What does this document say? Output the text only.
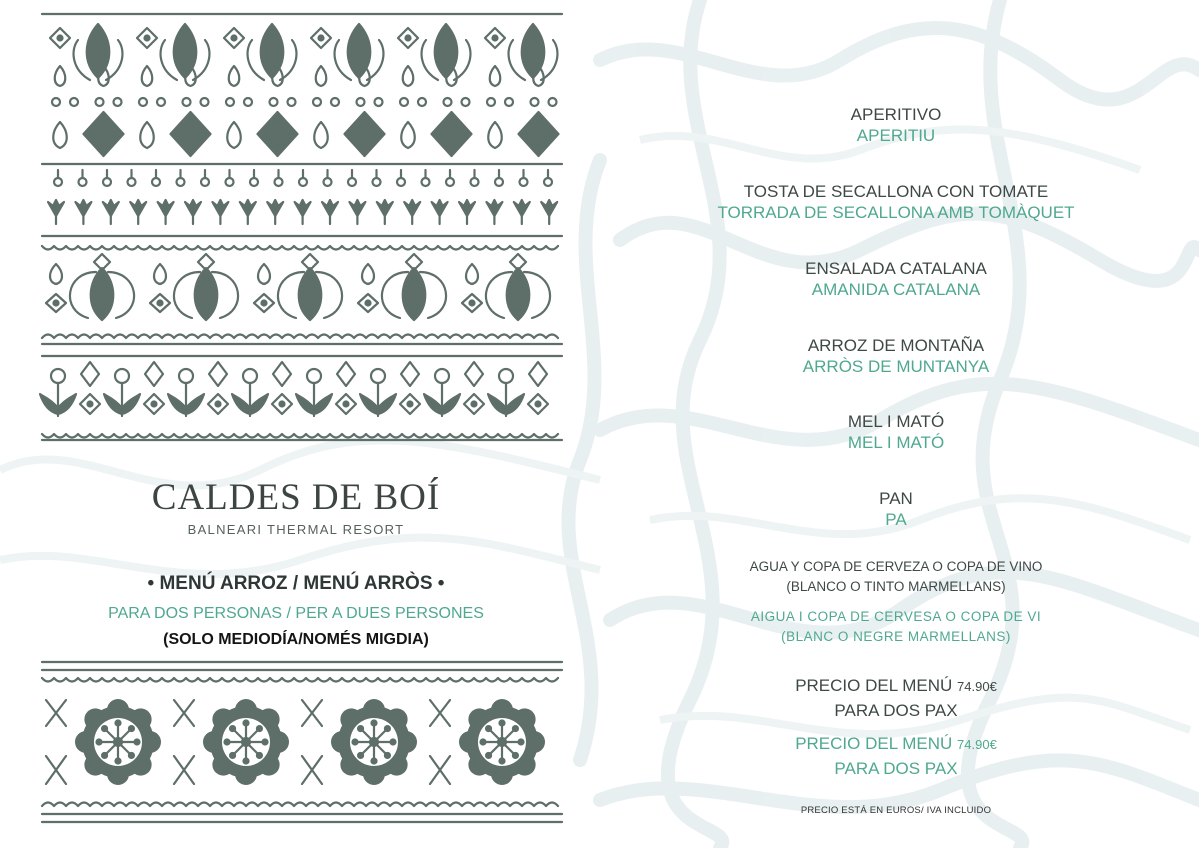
CALDES DE BOÍ
BALNEARI THERMAL RESORT
• MENÚ ARROZ / MENÚ ARRÒS •
PARA DOS PERSONAS / PER A DUES PERSONES
(SOLO MEDIODÍA/NOMÉS MIGDIA)
APERITIVO
APERITIU
TOSTA DE SECALLONA CON TOMATE
TORRADA DE SECALLONA AMB TOMÀQUET
ENSALADA CATALANA
AMANIDA CATALANA
ARROZ DE MONTAÑA
ARRÒS DE MUNTANYA
MEL I MATÓ
MEL I MATÓ
PAN
PA
AGUA Y COPA DE CERVEZA O COPA DE VINO
(BLANCO O TINTO MARMELLANS)
AIGUA I COPA DE CERVESA O COPA DE VI
(BLANC O NEGRE MARMELLANS)
PRECIO DEL MENÚ 74.90€
PARA DOS PAX
PRECIO DEL MENÚ 74.90€
PARA DOS PAX
PRECIO ESTÁ EN EUROS/ IVA INCLUIDO
